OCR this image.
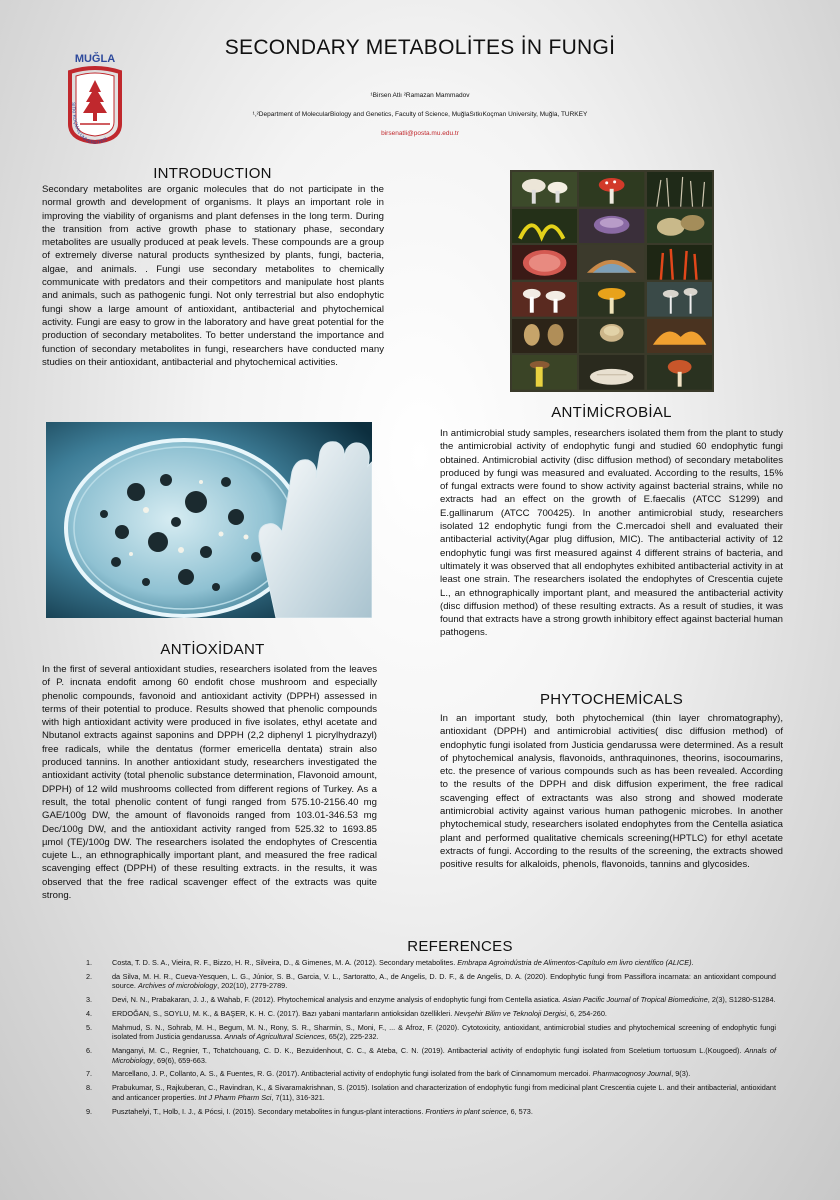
MUĞLA
SITKI KOÇMAN ÜNİVERSİTESİ
SECONDARY METABOLİTES İN FUNGİ
¹Birsen Atlı ²Ramazan Mammadov
¹,²Department of MolecularBiology and Genetics, Faculty of Science, MuğlaSıtkıKoçman University, Muğla, TURKEY
birsenatli@posta.mu.edu.tr
INTRODUCTION
Secondary metabolites are organic molecules that do not participate in the normal growth and development of organisms. It plays an important role in improving the viability of organisms and plant defenses in the long term. During the transition from active growth phase to stationary phase, secondary metabolites are usually produced at peak levels. These compounds are a group of extremely diverse natural products synthesized by plants, fungi, bacteria, algae, and animals. . Fungi use secondary metabolites to chemically communicate with predators and their competitors and manipulate host plants and animals, such as pathogenic fungi. Not only terrestrial but also endophytic fungi show a large amount of antioxidant, antibacterial and phytochemical activity. Fungi are easy to grow in the laboratory and have great potential for the production of secondary metabolites. To better understand the importance and function of secondary metabolites in fungi, researchers have conducted many studies on their antioxidant, antibacterial and phytochemical activities.
ANTİOXİDANT
In the first of several antioxidant studies, researchers isolated from the leaves of P. incnata endofit among 60 endofit chose mushroom and especially phenolic compounds, favonoid and antioxidant activity (DPPH) assessed in terms of their potential to produce. Results showed that phenolic compounds with high antioxidant activity were produced in five isolates, ethyl acetate and Nbutanol extracts against saponins and DPPH (2,2 diphenyl 1 picrylhydrazyl) free radicals, while the dentatus (former emericella dentata) strain also produced tannins. In another antioxidant study, researchers investigated the antioxidant activity (total phenolic substance determination, Flavonoid amount, DPPH) of 12 wild mushrooms collected from different regions of Turkey. As a result, the total phenolic content of fungi ranged from 575.10-2156.40 mg GAE/100g DW, the amount of flavonoids ranged from 103.01-346.53 mg Dec/100g DW, and the antioxidant activity ranged from 525.32 to 1693.85 µmol (TE)/100g DW. The researchers isolated the endophytes of Crescentia cujete L., an ethnographically important plant, and measured the free radical scavenging effect (DPPH) of these resulting extracts. in the results, it was observed that the free radical scavenger effect of the extracts was quite strong.
ANTİMİCROBİAL
In antimicrobial study samples, researchers isolated them from the plant to study the antimicrobial activity of endophytic fungi and studied 60 endophytic fungi obtained. Antimicrobial activity (disc diffusion method) of secondary metabolites produced by fungi was measured and evaluated. According to the results, 15% of fungal extracts were found to show activity against bacterial strains, while no extracts had an effect on the growth of E.faecalis (ATCC S1299) and E.gallinarum (ATCC 700425). In another antimicrobial study, researchers isolated 12 endophytic fungi from the C.mercadoi shell and evaluated their antibacterial activity(Agar plug diffusion, MIC). The antibacterial activity of 12 endophytic fungi was first measured against 4 different strains of bacteria, and ultimately it was observed that all endophytes exhibited antibacterial activity in at least one strain. The researchers isolated the endophytes of Crescentia cujete L., an ethnographically important plant, and measured the antibacterial activity (disc diffusion method) of these resulting extracts. As a result of studies, it was found that extracts have a strong growth inhibitory effect against bacterial human pathogens.
PHYTOCHEMİCALS
In an important study, both phytochemical (thin layer chromatography), antioxidant (DPPH) and antimicrobial activities( disc diffusion method) of endophytic fungi isolated from Justicia gendarussa were determined. As a result of phytochemical analysis, flavonoids, anthraquinones, theorins, isocoumarins, etc. the presence of various compounds such as has been revealed. According to the results of the DPPH and disk diffusion experiment, the free radical scavenging effect of extractants was also strong and showed moderate antimicrobial activity against various human pathogenic microbes. In another phytochemical study, researchers isolated endophytes from the Centella asiatica plant and performed qualitative chemicals screening(HPTLC) for ethyl acetate extracts of fungi. According to the results of the screening, the extracts showed positive results for alkaloids, phenols, flavonoids, tannins and glycosides.
REFERENCES
1.	Costa, T. D. S. A., Vieira, R. F., Bizzo, H. R., Silveira, D., & Gimenes, M. A. (2012). Secondary metabolites. Embrapa Agroindústria de Alimentos-Capítulo em livro científico (ALICE).
2.	da Silva, M. H. R., Cueva-Yesquen, L. G., Júnior, S. B., Garcia, V. L., Sartoratto, A., de Angelis, D. D. F., & de Angelis, D. A. (2020). Endophytic fungi from Passiflora incarnata: an antioxidant compound source. Archives of microbiology, 202(10), 2779-2789.
3.	Devi, N. N., Prabakaran, J. J., & Wahab, F. (2012). Phytochemical analysis and enzyme analysis of endophytic fungi from Centella asiatica. Asian Pacific Journal of Tropical Biomedicine, 2(3), S1280-S1284.
4.	ERDOĞAN, S., SOYLU, M. K., & BAŞER, K. H. C. (2017). Bazı yabani mantarların antioksidan özellikleri. Nevşehir Bilim ve Teknoloji Dergisi, 6, 254-260.
5.	Mahmud, S. N., Sohrab, M. H., Begum, M. N., Rony, S. R., Sharmin, S., Moni, F., ... & Afroz, F. (2020). Cytotoxicity, antioxidant, antimicrobial studies and phytochemical screening of endophytic fungi isolated from Justicia gendarussa. Annals of Agricultural Sciences, 65(2), 225-232.
6.	Manganyi, M. C., Regnier, T., Tchatchouang, C. D. K., Bezuidenhout, C. C., & Ateba, C. N. (2019). Antibacterial activity of endophytic fungi isolated from Sceletium tortuosum L.(Kougoed). Annals of Microbiology, 69(6), 659-663.
7.	Marcellano, J. P., Collanto, A. S., & Fuentes, R. G. (2017). Antibacterial activity of endophytic fungi isolated from the bark of Cinnamomum mercadoi. Pharmacognosy Journal, 9(3).
8.	Prabukumar, S., Rajkuberan, C., Ravindran, K., & Sivaramakrishnan, S. (2015). Isolation and characterization of endophytic fungi from medicinal plant Crescentia cujete L. and their antibacterial, antioxidant and anticancer properties. Int J Pharm Pharm Sci, 7(11), 316-321.
9.	Pusztahelyi, T., Holb, I. J., & Pócsi, I. (2015). Secondary metabolites in fungus-plant interactions. Frontiers in plant science, 6, 573.
